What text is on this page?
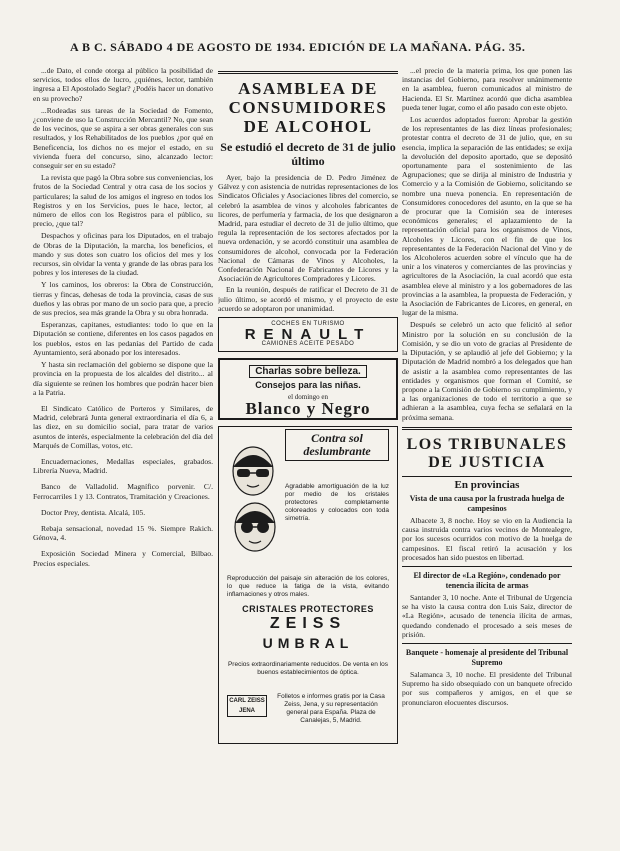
A B C. SÁBADO 4 DE AGOSTO DE 1934. EDICIÓN DE LA MAÑANA. PÁG. 35.

...de Dato, el conde otorga al público la posibilidad de servicios, todos ellos de lucro, ¿quiénes, lector, también ingresa a El Apostolado Seglar? ¿Podéis hacer un donativo en su provecho?

...Rodeadas sus tareas de la Sociedad de Fomento, ¿conviene de uso la Construcción Mercantil? No, que sean de los vecinos, que se aspira a ser obras generales con sus resultados, y los Rehabilitados de los pueblos ¿por qué en Beneficencia, los dichos no es mejor el estado, en su vivienda fuera del concurso, sino, alcanzado lector: conseguir ser en su estado?

La revista que pagó la Obra sobre sus conveniencias, los frutos de la Sociedad Central y otra casa de los socios y particulares; la salud de los amigos el ingreso en todos los Registros y en los Servicios, pues le hace, lector, al número de ellos con los Registros para el público, su precio, ¿que tal?

Despachos y oficinas para los Diputados, en el trabajo de Obras de la Diputación, la marcha, los beneficios, el mando y sus dotes son cuatro los oficios del mes y los recursos, sin olvidar la venta y grande de las obras para los pobres y los intereses de la ciudad.

Y los caminos, los obreros: la Obra de Construcción, tierras y fincas, dehesas de toda la provincia, casas de sus dueños y las obras por mano de un socio para que, a precio de sus precios, sea más grande la Obra y su obra honrada.

Esperanzas, capitanes, estudiantes: todo lo que en la Diputación se contiene, diferentes en los casos pagados en los pueblos, estos en las pedanías del Partido de cada Ayuntamiento, será abonado por los interesados.

Y hasta sin reclamación del gobierno se dispone que la provincia en la propuesta de los alcaldes del distrito... al día siguiente se reúnen los hombres que podrán hacer bien a la Patria.

El Sindicato Católico de Porteros y Similares, de Madrid, celebrará Junta general extraordinaria el día 6, a las diez, en su domicilio social, para tratar de varios asuntos de interés, especialmente la celebración del día del Marqués de Comillas, votos, etc.

Encuadernaciones, Medallas especiales, grabados. Librería Nueva, Madrid.

Banco de Valladolid. Magnífico porvenir. C/. Ferrocarriles 1 y 13. Contratos, Tramitación y Creaciones.

Doctor Prey, dentista. Alcalá, 105.

Rebaja sensacional, novedad 15 %. Siempre Rakich. Génova, 4.

Exposición Sociedad Minera y Comercial, Bilbao. Precios especiales.

ASAMBLEA DE CONSUMIDORES DE ALCOHOL
Se estudió el decreto de 31 de julio último

Ayer, bajo la presidencia de D. Pedro Jiménez de Gálvez y con asistencia de nutridas representaciones de los Sindicatos Oficiales y Asociaciones libres del comercio, se celebró la asamblea de vinos y alcoholes fabricantes de licores, de perfumería y farmacia, de los que designaron a Madrid, para estudiar el decreto de 31 de julio último, que regula la representación de los sectores afectados por la nueva ordenación, y se acordó constituir una asamblea de consumidores de alcohol, convocada por la Federación Nacional de Cámaras de Vinos y Alcoholes, la Confederación Nacional de Fabricantes de Licores y la Asociación de Agricultores Compradores y Licores.

En la reunión, después de ratificar el Decreto de 31 de julio último, se acordó el mismo, y el proyecto de este acuerdo se adoptaron por unanimidad.

COCHES EN TURISMO
RENAULT
CAMIONES ACEITE PESADO
Charlas sobre belleza.
Consejos para las niñas.
el domingo en
Blanco y Negro
Contra sol
deslumbrante
Agradable amortiguación de la luz por medio de los cristales protectores completamente coloreados y colocados con toda simetría.
Reproducción del paisaje sin alteración de los colores, lo que reduce la fatiga de la vista, evitando inflamaciones y otros males.
CRISTALES PROTECTORES
ZEISS
UMBRAL
Precios extraordinariamente reducidos. De venta en los buenos establecimientos de óptica.
CARL ZEISS JENA
Folletos e informes gratis por la Casa Zeiss, Jena, y su representación general para España. Plaza de Canalejas, 5, Madrid.

...el precio de la materia prima, los que ponen las instancias del Gobierno, para resolver unánimemente en la asamblea, fueron comunicados al ministro de Hacienda. El Sr. Martínez acordó que dicha asamblea pueda tener lugar, como el año pasado con este objeto.

Los acuerdos adoptados fueron: Aprobar la gestión de los representantes de las diez líneas profesionales; protestar contra el decreto de 31 de julio, que, en su esencia, implica la separación de las entidades; se exija la devolución del deposito aportado, que se depositó oportunamente para el sostenimiento de las Agrupaciones; que se dirija al ministro de Industria y Comercio y a la Comisión de Gobierno, solicitando se nombre una nueva ponencia. En representación de Consumidores conocedores del asunto, en la que se ha de procurar que la Comisión sea de intereses económicos generales; el aplazamiento de la representación oficial para los organismos de Vinos, Alcoholes y Licores, con el fin de que los representantes de la Federación Nacional del Vino y de los Alcoholeros acuerden sobre el vínculo que ha de unir a los vinateros y comerciantes de las provincias y agricultores de la Asociación, la cual acordó que esta asamblea eleve al ministro y a los gobernadores de las provincias a la asamblea, la propuesta de Federación, y la Asociación de Fabricantes de Licores, en general, en lugar de la misma.

Después se celebró un acto que felicitó al señor Ministro por la solución en su conclusión de la Comisión, y se dio un voto de gracias al Presidente de la Diputación, y se aplaudió al jefe del Gobierno; y la Diputación de Madrid nombró a los delegados que han de asistir a la asamblea como representantes de las entidades y organismos que forman el Comité, se propone a la Comisión de Gobierno su cumplimiento, y a las organizaciones de todo el territorio a que se adhieran a la asamblea, cuya fecha se señalará en la próxima semana.

LOS TRIBUNALES DE JUSTICIA
En provincias
Vista de una causa por la frustrada huelga de campesinos

Albacete 3, 8 noche. Hoy se vio en la Audiencia la causa instruida contra varios vecinos de Montealegre, por los sucesos ocurridos con motivo de la huelga de campesinos. El fiscal retiró la acusación y los procesados han sido puestos en libertad.

El director de «La Región», condenado por tenencia ilícita de armas

Santander 3, 10 noche. Ante el Tribunal de Urgencia se ha visto la causa contra don Luis Saiz, director de «La Región», acusado de tenencia ilícita de armas, quedando condenado el procesado a seis meses de prisión.

Banquete - homenaje al presidente del Tribunal Supremo

Salamanca 3, 10 noche. El presidente del Tribunal Supremo ha sido obsequiado con un banquete ofrecido por sus compañeros y amigos, en el que se pronunciaron elocuentes discursos.
